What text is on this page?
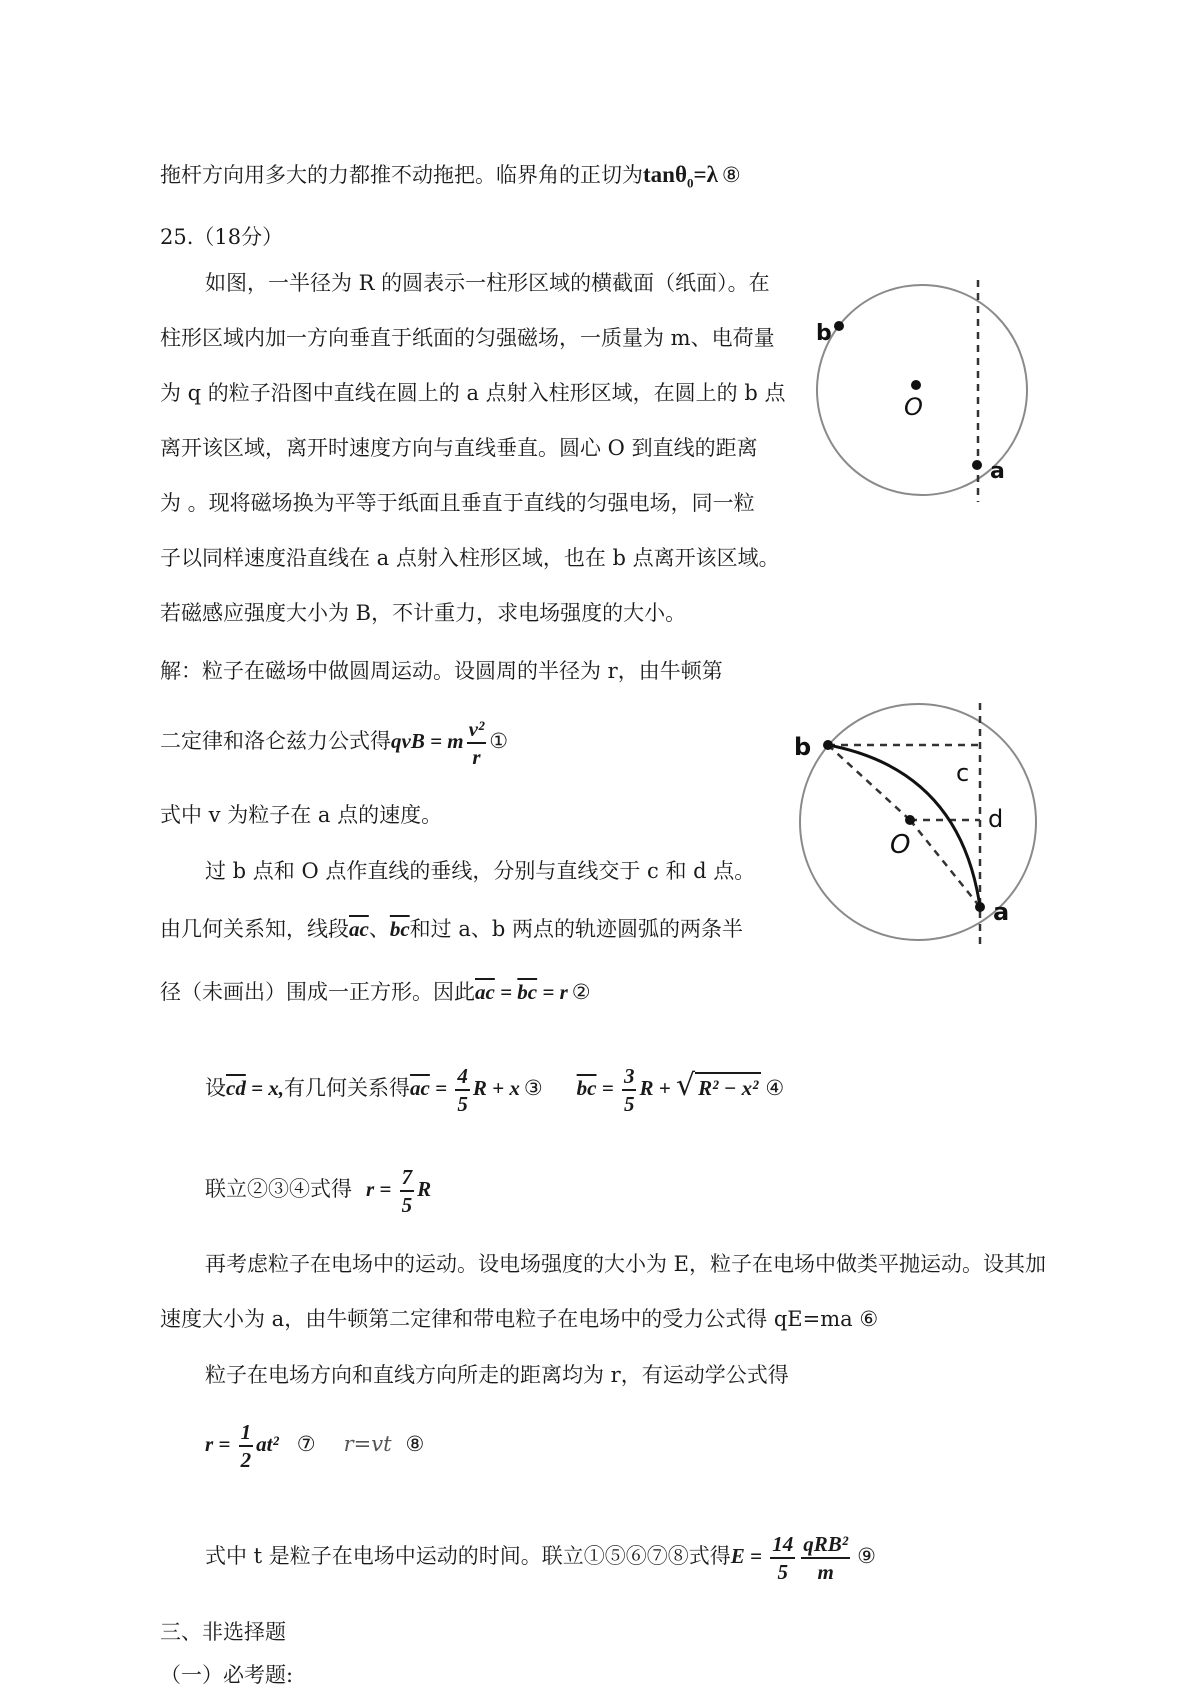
拖杆方向用多大的力都推不动拖把。临界角的正切为tanθ$_0$=λ ⑧
25.（18分）
如图，一半径为 R 的圆表示一柱形区域的横截面（纸面）。在
柱形区域内加一方向垂直于纸面的匀强磁场，一质量为 m、电荷量
为 q 的粒子沿图中直线在圆上的 a 点射入柱形区域，在圆上的 b 点
离开该区域，离开时速度方向与直线垂直。圆心 O 到直线的距离
为 。现将磁场换为平等于纸面且垂直于直线的匀强电场，同一粒
子以同样速度沿直线在 a 点射入柱形区域，也在 b 点离开该区域。
若磁感应强度大小为 B，不计重力，求电场强度的大小。
b
O
a
解：粒子在磁场中做圆周运动。设圆周的半径为 r，由牛顿第
二定律和洛仑兹力公式得qvB = m $\frac{\text{v²}}{r}$ ①
式中 v 为粒子在 a 点的速度。
过 b 点和 O 点作直线的垂线，分别与直线交于 c 和 d 点。
由几何关系知，线段$\overline{ac}$、$\overline{bc}$和过 a、b 两点的轨迹圆弧的两条半
径（未画出）围成一正方形。因此$\overline{ac} = \overline{bc} = r$ ②
b
O
a
c
d
设$\overline{cd} = x$,有几何关系得$\overline{ac} = \frac{4}{5}$ R + x ③ $\overline{bc} = \frac{3}{5}$ R + √ R² − x² ④
联立②③④式得 $r = \frac{7}{5}$ R
再考虑粒子在电场中的运动。设电场强度的大小为 E，粒子在电场中做类平抛运动。设其加
速度大小为 a，由牛顿第二定律和带电粒子在电场中的受力公式得 qE=ma ⑥
粒子在电场方向和直线方向所走的距离均为 r，有运动学公式得
$r = \frac{1}{2} at^2$ ⑦ r=vt ⑧
式中 t 是粒子在电场中运动的时间。联立①⑤⑥⑦⑧式得$E = \frac{14}{5} \frac{\text{qRB²}}{m}$ ⑨
三、非选择题
（一）必考题:
